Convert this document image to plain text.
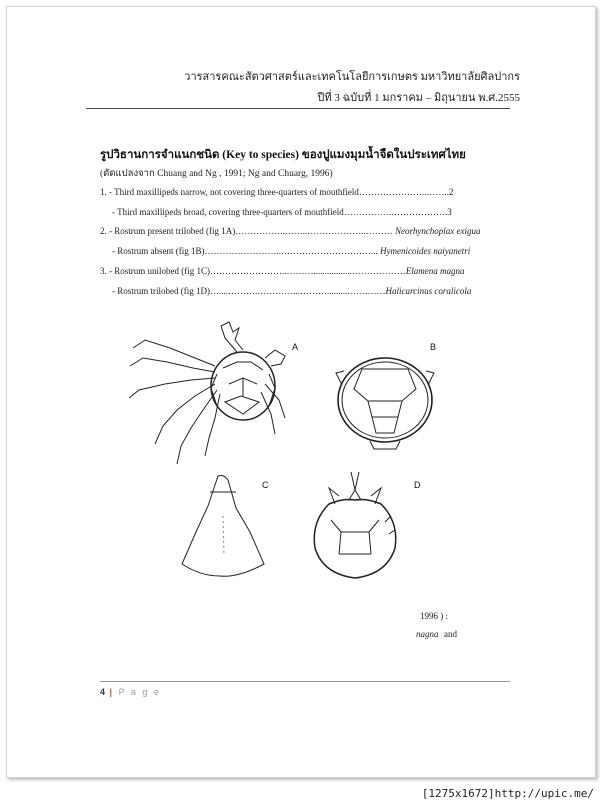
วารสารคณะสัตวศาสตร์และเทคโนโลยีการเกษตร มหาวิทยาลัยศิลปากร
ปีที่ 3 ฉบับที่ 1 มกราคม – มิถุนายน พ.ศ.2555
รูปวิธานการจำแนกชนิด (Key to species) ของปูแมงมุมน้ำจืดในประเทศไทย
(ดัดแปลงจาก Chuang and Ng , 1991; Ng and Chuarg, 1996)
1. - Third maxillipeds narrow, not covering three-quarters of mouthfield…………………..……..2
- Third maxillipeds broad, covering three-quarters of mouthfield…………….……………….3
2. - Rostrum present trilobed (fig 1A)……………..……..………………..……… Neorhynchoplax exigua
- Rostrum absent (fig 1B)……………………..…………………………... Hymenicoides naiyanetri
3. - Rostrum unilobed (fig 1C)……………………..……….................………………Elamena magna
- Rostrum trilobed (fig 1D)…....……….…………...……….........…….……Halicarcinus coralicola
A	B
C	D
1996 ) :
nagna and
4 | P a g e
[1275x1672]http://upic.me/
